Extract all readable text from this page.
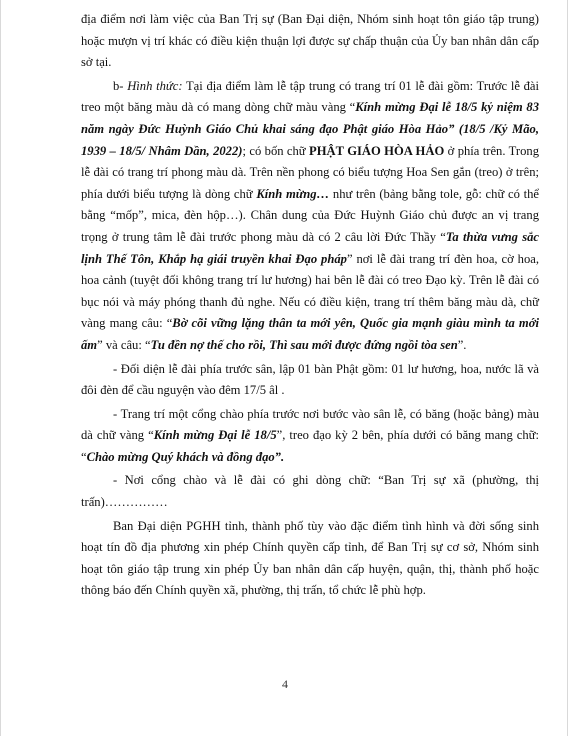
địa điểm nơi làm việc của Ban Trị sự (Ban Đại diện, Nhóm sinh hoạt tôn giáo tập trung) hoặc mượn vị trí khác có điều kiện thuận lợi được sự chấp thuận của Ủy ban nhân dân cấp sở tại.

b- Hình thức: Tại địa điểm làm lễ tập trung có trang trí 01 lễ đài gồm: Trước lễ đài treo một băng màu dà có mang dòng chữ màu vàng “Kính mừng Đại lễ 18/5 kỷ niệm 83 năm ngày Đức Huỳnh Giáo Chủ khai sáng đạo Phật giáo Hòa Hảo” (18/5 /Kỷ Mão, 1939 – 18/5/ Nhâm Dần, 2022); có bốn chữ PHẬT GIÁO HÒA HẢO ở phía trên. Trong lễ đài có trang trí phong màu dà. Trên nền phong có biểu tượng Hoa Sen gắn (treo) ở trên; phía dưới biểu tượng là dòng chữ Kính mừng… như trên (bảng bằng tole, gỗ: chữ có thể bằng “mốp”, mica, đèn hộp…). Chân dung của Đức Huỳnh Giáo chủ được an vị trang trọng ở trung tâm lễ đài trước phong màu dà có 2 câu lời Đức Thầy “Ta thừa vưng sắc lịnh Thế Tôn, Khắp hạ giái truyền khai Đạo pháp” nơi lễ đài trang trí đèn hoa, cờ hoa, hoa cảnh (tuyệt đối không trang trí lư hương) hai bên lễ đài có treo Đạo kỳ. Trên lễ đài có bục nói và máy phóng thanh đủ nghe. Nếu có điều kiện, trang trí thêm băng màu dà, chữ vàng mang câu: “Bờ cõi vững lặng thân ta mới yên, Quốc gia mạnh giàu mình ta mới ấm” và câu: “Tu đền nợ thế cho rồi, Thì sau mới được đứng ngồi tòa sen”.

- Đối diện lễ đài phía trước sân, lập 01 bàn Phật gồm: 01 lư hương, hoa, nước lã và đôi đèn để cầu nguyện vào đêm 17/5 âl .

- Trang trí một cổng chào phía trước nơi bước vào sân lễ, có băng (hoặc bảng) màu dà chữ vàng “Kính mừng Đại lễ 18/5”, treo đạo kỳ 2 bên, phía dưới có băng mang chữ: “Chào mừng Quý khách và đồng đạo”.

- Nơi cổng chào và lễ đài có ghi dòng chữ: “Ban Trị sự xã (phường, thị trấn)……………

Ban Đại diện PGHH tỉnh, thành phố tùy vào đặc điểm tình hình và đời sống sinh hoạt tín đồ địa phương xin phép Chính quyền cấp tỉnh, để Ban Trị sự cơ sở, Nhóm sinh hoạt tôn giáo tập trung xin phép Ủy ban nhân dân cấp huyện, quận, thị, thành phố hoặc thông báo đến Chính quyền xã, phường, thị trấn, tổ chức lễ phù hợp.

4
